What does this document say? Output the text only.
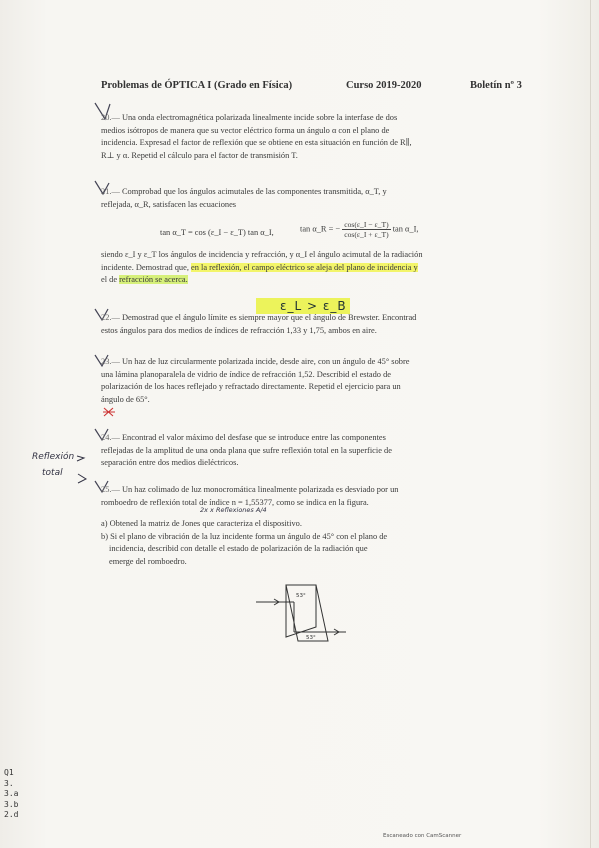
Problemas de ÓPTICA I (Grado en Física)	Curso 2019-2020	Boletín nº 3
20.— Una onda electromagnética polarizada linealmente incide sobre la interfase de dos
medios isótropos de manera que su vector eléctrico forma un ángulo α con el plano de
incidencia. Expresad el factor de reflexión que se obtiene en esta situación en función de R∥,
R⊥ y α. Repetid el cálculo para el factor de transmisión T.
21.— Comprobad que los ángulos acimutales de las componentes transmitida, α_T, y
reflejada, α_R, satisfacen las ecuaciones
tan α_T = cos (ε_I − ε_T) tan α_I,	tan α_R = − $\frac{\cos(\varepsilon\_I - \varepsilon\_T)}{\cos(\varepsilon\_I + \varepsilon\_T)}$ tan α_I,
siendo ε_I y ε_T los ángulos de incidencia y refracción, y α_I el ángulo acimutal de la radiación
incidente. Demostrad que, en la reflexión, el campo eléctrico se aleja del plano de incidencia y
el de refracción se acerca.
ε_L > ε_B
22.— Demostrad que el ángulo límite es siempre mayor que el ángulo de Brewster. Encontrad
estos ángulos para dos medios de índices de refracción 1,33 y 1,75, ambos en aire.
23.— Un haz de luz circularmente polarizada incide, desde aire, con un ángulo de 45° sobre
una lámina planoparalela de vidrio de índice de refracción 1,52. Describid el estado de
polarización de los haces reflejado y refractado directamente. Repetid el ejercicio para un
ángulo de 65°.
24.— Encontrad el valor máximo del desfase que se introduce entre las componentes
reflejadas de la amplitud de una onda plana que sufre reflexión total en la superficie de
separación entre dos medios dieléctricos.
Reflexión
total
25.— Un haz colimado de luz monocromática linealmente polarizada es desviado por un
romboedro de reflexión total de índice n = 1,55377, como se indica en la figura.
2x x Reflexiones A/4
a) Obtened la matriz de Jones que caracteriza el dispositivo.
b) Si el plano de vibración de la luz incidente forma un ángulo de 45° con el plano de
incidencia, describid con detalle el estado de polarización de la radiación que
emerge del romboedro.
53°
53°
Q1
3.
3.a
3.b
2.d
Escaneado con CamScanner
